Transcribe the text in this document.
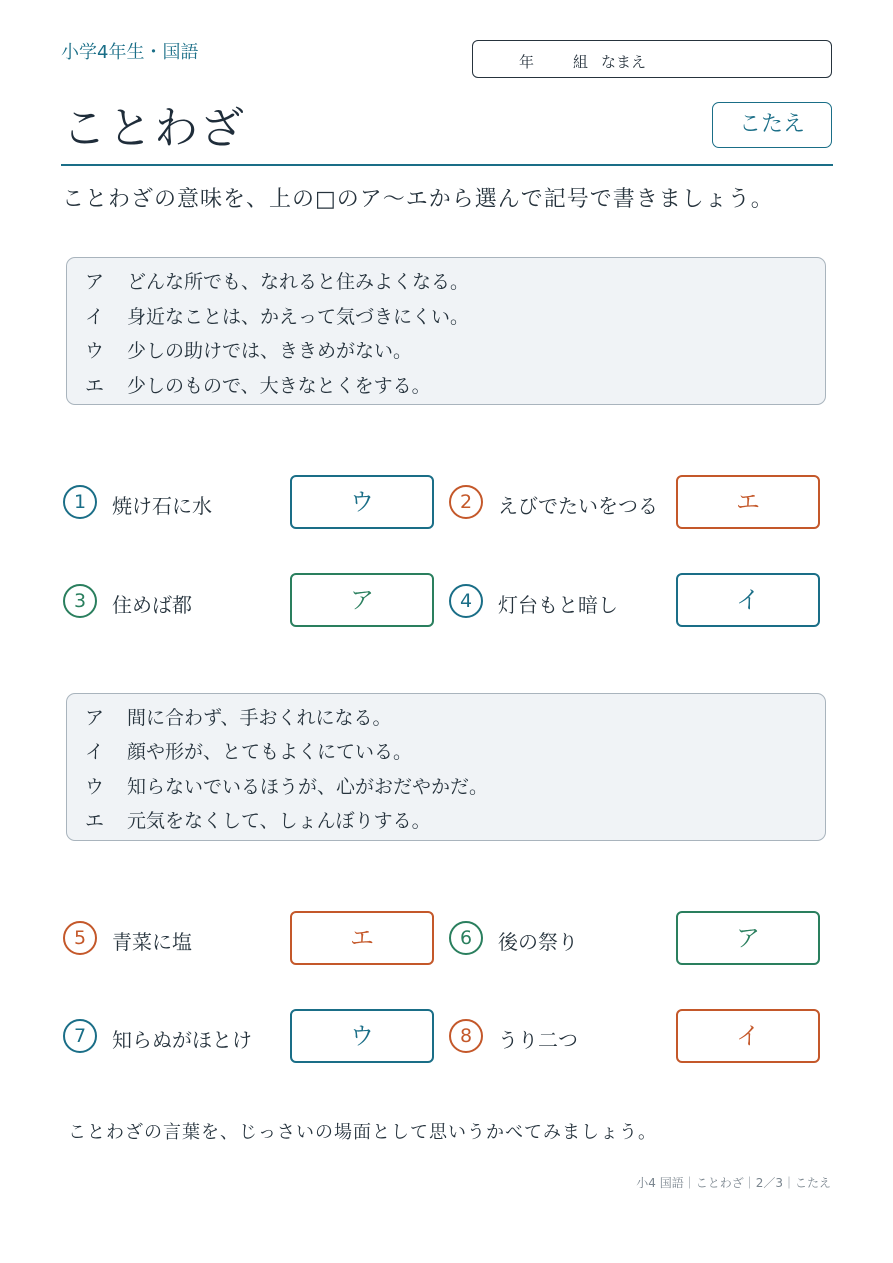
小学4年生・国語	年	組 なまえ
ことわざ	こたえ
ことわざの意味を、上の□のア〜エから選んで記号で書きましょう。
ア どんな所でも、なれると住みよくなる。
イ 身近なことは、かえって気づきにくい。
ウ 少しの助けでは、ききめがない。
エ 少しのもので、大きなとくをする。
1	焼け石に水	ウ	2	えびでたいをつる	エ
3	住めば都	ア	4	灯台もと暗し	イ
ア 間に合わず、手おくれになる。
イ 顔や形が、とてもよくにている。
ウ 知らないでいるほうが、心がおだやかだ。
エ 元気をなくして、しょんぼりする。
5	青菜に塩	エ	6	後の祭り	ア
7	知らぬがほとけ	ウ	8	うり二つ	イ
ことわざの言葉を、じっさいの場面として思いうかべてみましょう。
小4 国語｜ことわざ｜2／3｜こたえ
